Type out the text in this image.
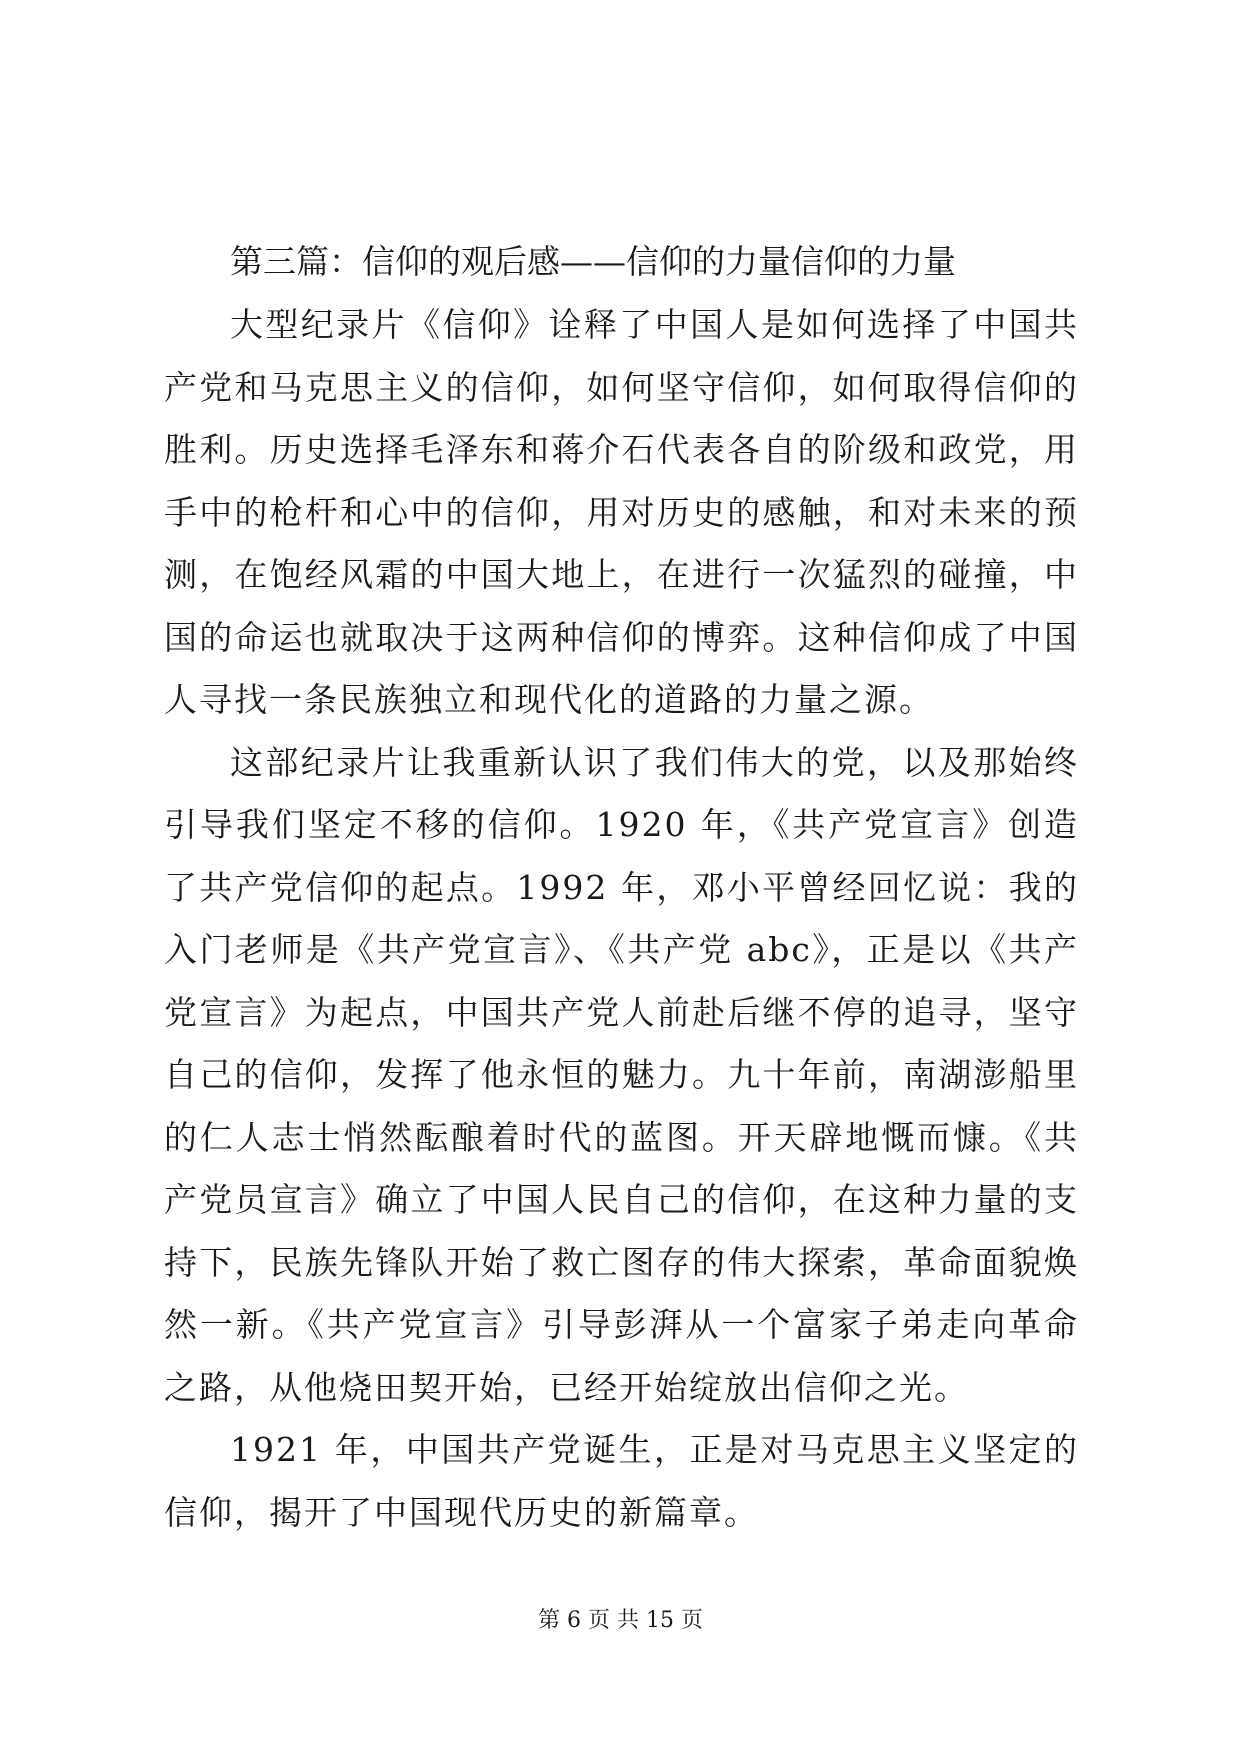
第三篇：信仰的观后感——信仰的力量信仰的力量

大型纪录片《信仰》诠释了中国人是如何选择了中国共产党和马克思主义的信仰，如何坚守信仰，如何取得信仰的胜利。历史选择毛泽东和蒋介石代表各自的阶级和政党，用手中的枪杆和心中的信仰，用对历史的感触，和对未来的预测，在饱经风霜的中国大地上，在进行一次猛烈的碰撞，中国的命运也就取决于这两种信仰的博弈。这种信仰成了中国人寻找一条民族独立和现代化的道路的力量之源。

这部纪录片让我重新认识了我们伟大的党，以及那始终引导我们坚定不移的信仰。1920 年，《共产党宣言》创造了共产党信仰的起点。1992 年，邓小平曾经回忆说：我的入门老师是《共产党宣言》、《共产党 abc》，正是以《共产党宣言》为起点，中国共产党人前赴后继不停的追寻，坚守自己的信仰，发挥了他永恒的魅力。九十年前，南湖澎船里的仁人志士悄然酝酿着时代的蓝图。开天辟地慨而慷。《共产党员宣言》确立了中国人民自己的信仰，在这种力量的支持下，民族先锋队开始了救亡图存的伟大探索，革命面貌焕然一新。《共产党宣言》引导彭湃从一个富家子弟走向革命之路，从他烧田契开始，已经开始绽放出信仰之光。

1921 年，中国共产党诞生，正是对马克思主义坚定的信仰，揭开了中国现代历史的新篇章。

第 6 页 共 15 页
